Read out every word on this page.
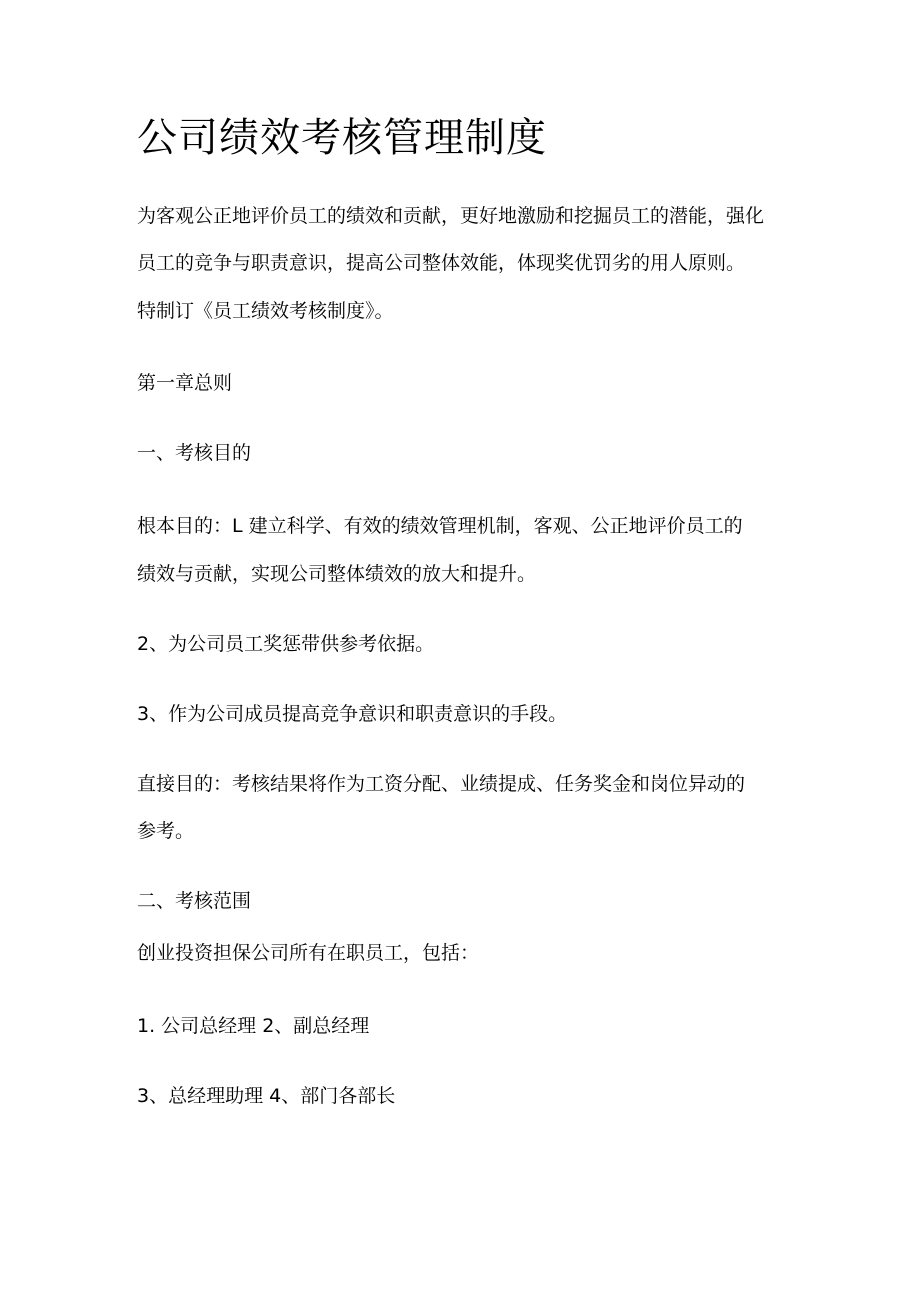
公司绩效考核管理制度

为客观公正地评价员工的绩效和贡献，更好地激励和挖掘员工的潜能，强化

员工的竞争与职责意识，提高公司整体效能，体现奖优罚劣的用人原则。

特制订《员工绩效考核制度》。

第一章总则

一、考核目的

根本目的：L 建立科学、有效的绩效管理机制，客观、公正地评价员工的

绩效与贡献，实现公司整体绩效的放大和提升。

2、为公司员工奖惩带供参考依据。

3、作为公司成员提高竞争意识和职责意识的手段。

直接目的：考核结果将作为工资分配、业绩提成、任务奖金和岗位异动的

参考。

二、考核范围

创业投资担保公司所有在职员工，包括：

1. 公司总经理 2、副总经理

3、总经理助理 4、部门各部长
